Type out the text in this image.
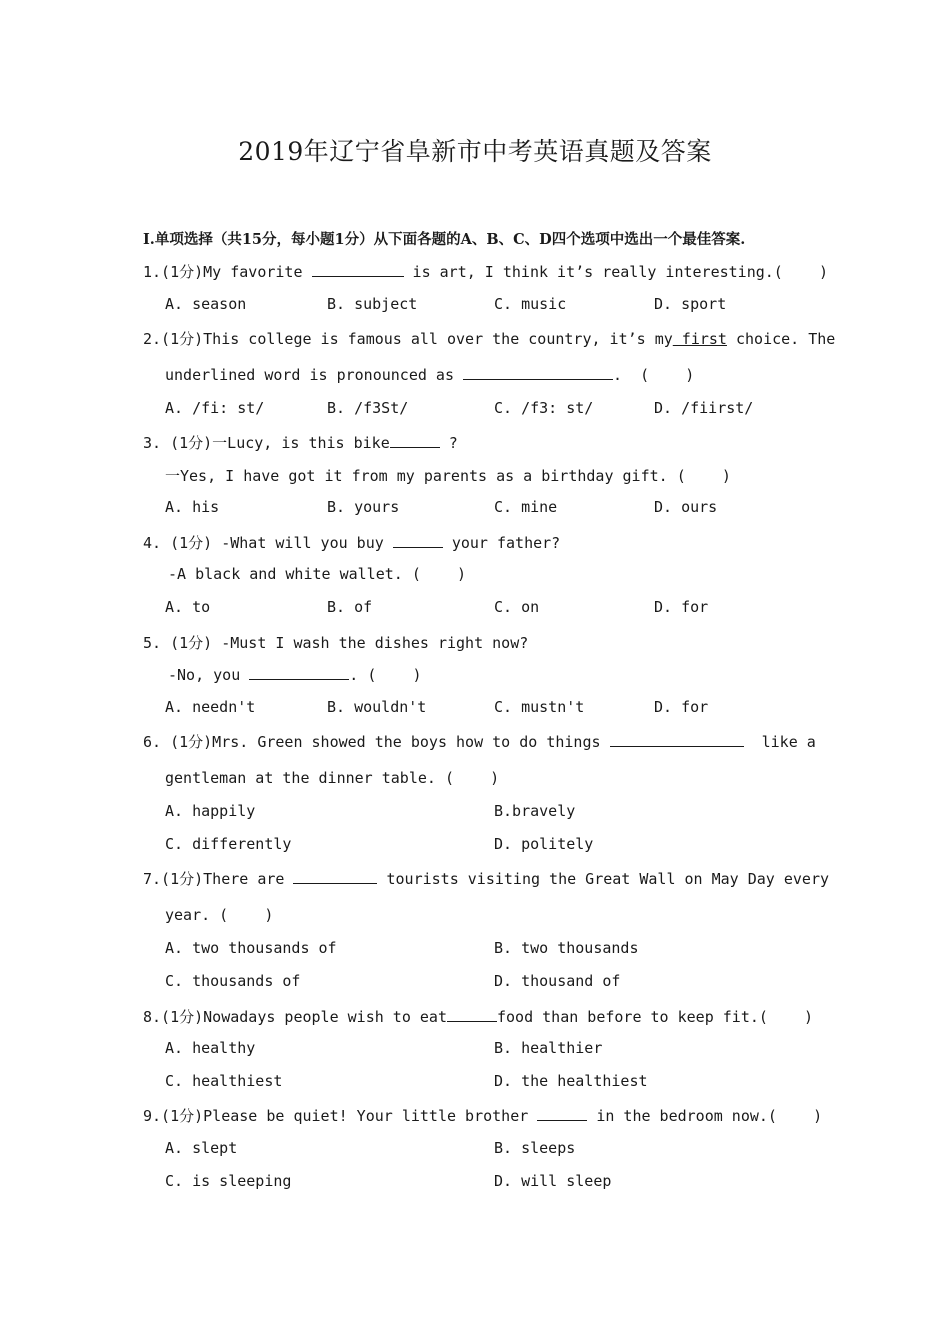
2019年辽宁省阜新市中考英语真题及答案
I.单项选择（共15分，每小题1分）从下面各题的A、B、C、D四个选项中选出一个最佳答案.
1.(1分)My favorite	is art, I think it’s really interesting.(    )
A. season	B. subject	C. music	D. sport
2.(1分)This college is famous all over the country, it’s my first choice. The
underlined word is pronounced as	.  (    )
A. /fi: st/	B. /f3St/	C. /f3: st/	D. /fiirst/
3. (1分)一Lucy, is this bike	?
一Yes, I have got it from my parents as a birthday gift. (    )
A. his	B. yours	C. mine	D. ours
4. (1分) -What will you buy	your father?
-A black and white wallet. (    )
A. to	B. of	C. on	D. for
5. (1分) -Must I wash the dishes right now?
-No, you	. (    )
A. needn't	B. wouldn't	C. mustn't	D. for
6. (1分)Mrs. Green showed the boys how to do things	like a
gentleman at the dinner table. (    )
A. happily	B.bravely
C. differently	D. politely
7.(1分)There are	tourists visiting the Great Wall on May Day every
year. (    )
A. two thousands of	B. two thousands
C. thousands of	D. thousand of
8.(1分)Nowadays people wish to eat	food than before to keep fit.(    )
A. healthy	B. healthier
C. healthiest	D. the healthiest
9.(1分)Please be quiet! Your little brother	in the bedroom now.(    )
A. slept	B. sleeps
C. is sleeping	D. will sleep
